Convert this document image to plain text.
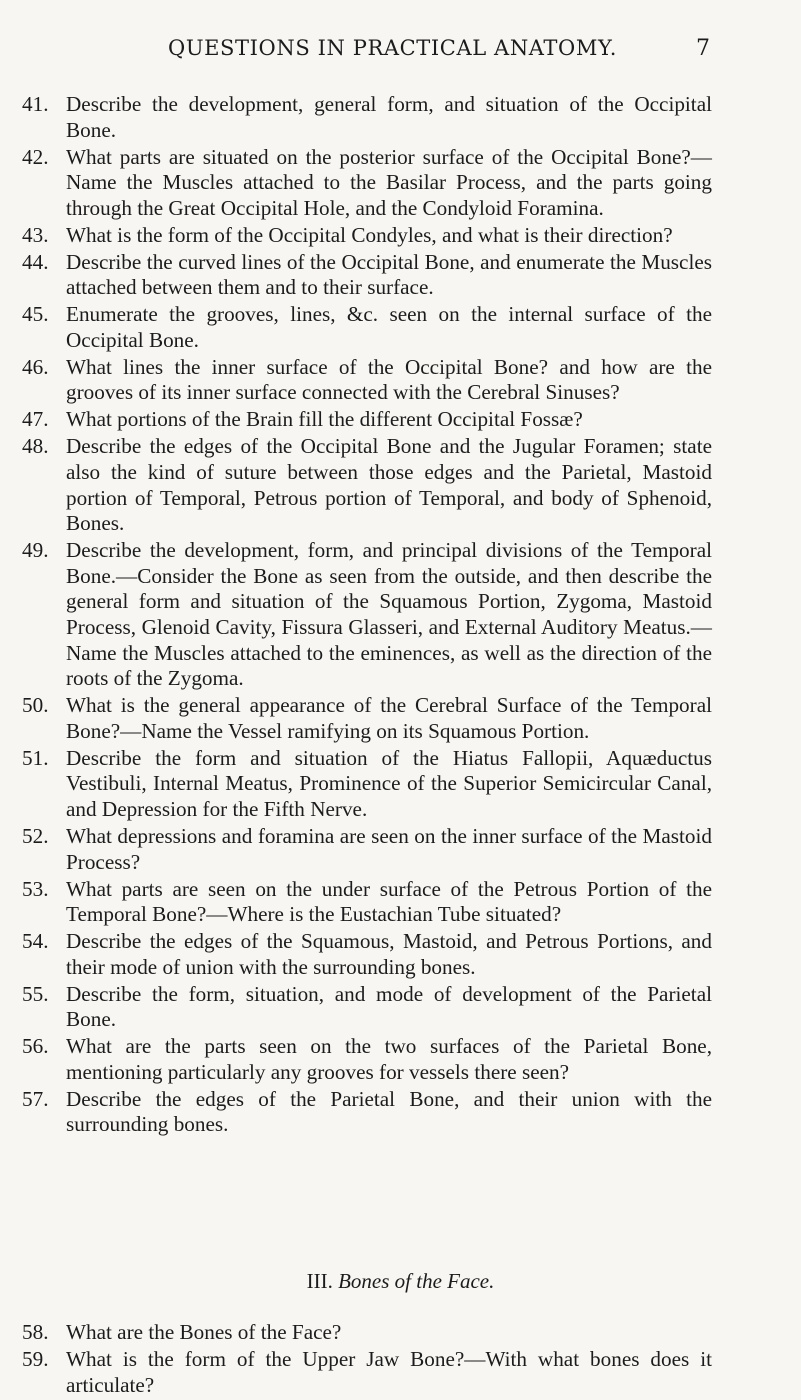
QUESTIONS IN PRACTICAL ANATOMY.	7
41. Describe the development, general form, and situation of the Occipital Bone.
42. What parts are situated on the posterior surface of the Occipital Bone?—Name the Muscles attached to the Basilar Process, and the parts going through the Great Occipital Hole, and the Condyloid Foramina.
43. What is the form of the Occipital Condyles, and what is their direction?
44. Describe the curved lines of the Occipital Bone, and enumerate the Muscles attached between them and to their surface.
45. Enumerate the grooves, lines, &c. seen on the internal surface of the Occipital Bone.
46. What lines the inner surface of the Occipital Bone? and how are the grooves of its inner surface connected with the Cerebral Sinuses?
47. What portions of the Brain fill the different Occipital Fossæ?
48. Describe the edges of the Occipital Bone and the Jugular Foramen; state also the kind of suture between those edges and the Parietal, Mastoid portion of Temporal, Petrous portion of Temporal, and body of Sphenoid, Bones.
49. Describe the development, form, and principal divisions of the Temporal Bone.—Consider the Bone as seen from the outside, and then describe the general form and situation of the Squamous Portion, Zygoma, Mastoid Process, Glenoid Cavity, Fissura Glasseri, and External Auditory Meatus.—Name the Muscles attached to the eminences, as well as the direction of the roots of the Zygoma.
50. What is the general appearance of the Cerebral Surface of the Temporal Bone?—Name the Vessel ramifying on its Squamous Portion.
51. Describe the form and situation of the Hiatus Fallopii, Aquæductus Vestibuli, Internal Meatus, Prominence of the Superior Semicircular Canal, and Depression for the Fifth Nerve.
52. What depressions and foramina are seen on the inner surface of the Mastoid Process?
53. What parts are seen on the under surface of the Petrous Portion of the Temporal Bone?—Where is the Eustachian Tube situated?
54. Describe the edges of the Squamous, Mastoid, and Petrous Portions, and their mode of union with the surrounding bones.
55. Describe the form, situation, and mode of development of the Parietal Bone.
56. What are the parts seen on the two surfaces of the Parietal Bone, mentioning particularly any grooves for vessels there seen?
57. Describe the edges of the Parietal Bone, and their union with the surrounding bones.
III. Bones of the Face.
58. What are the Bones of the Face?
59. What is the form of the Upper Jaw Bone?—With what bones does it articulate?
